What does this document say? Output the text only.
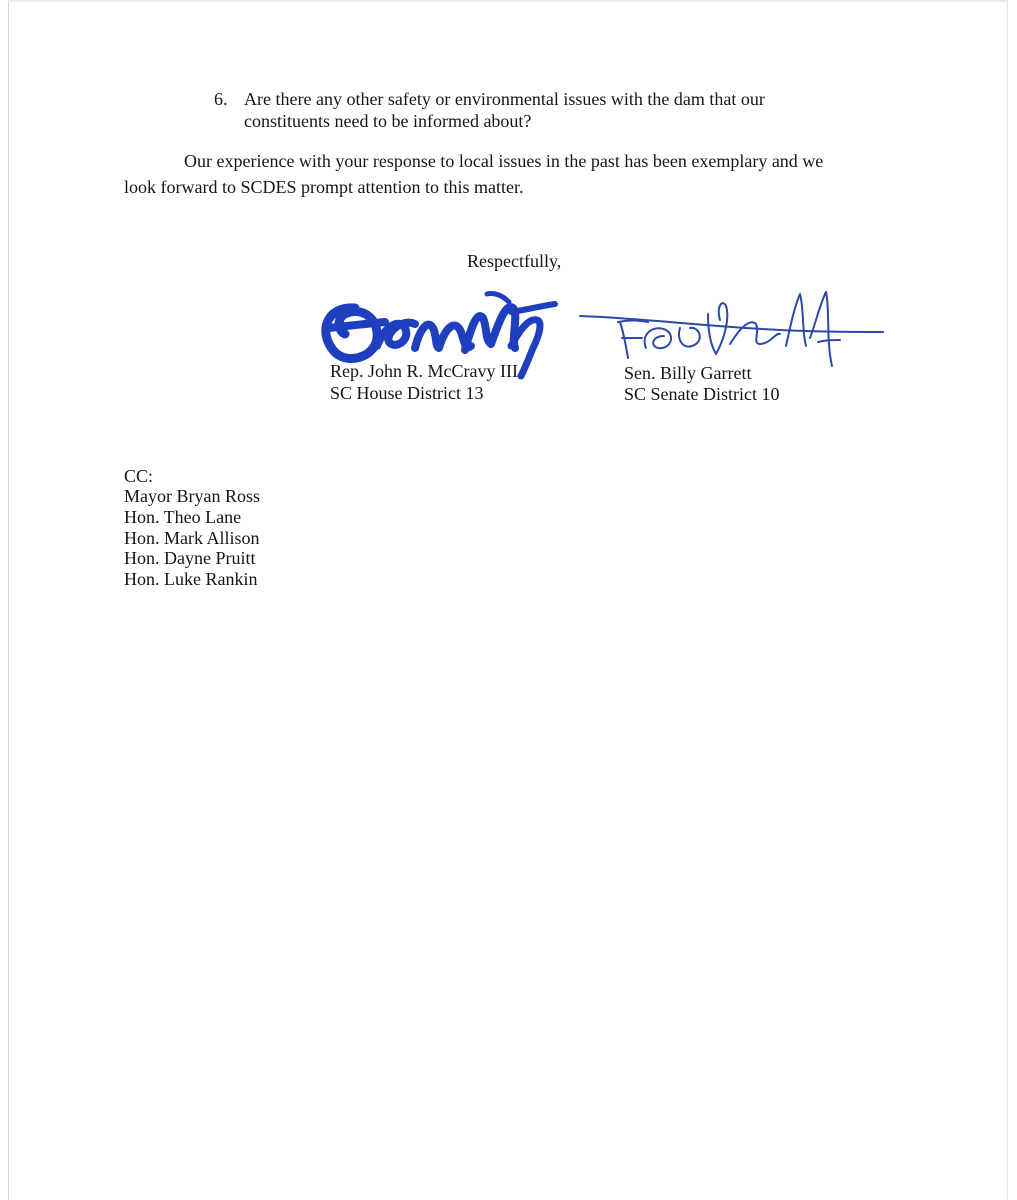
6. Are there any other safety or environmental issues with the dam that our

constituents need to be informed about?

Our experience with your response to local issues in the past has been exemplary and we

look forward to SCDES prompt attention to this matter.

Respectfully,

Rep. John R. McCravy III

SC House District 13

Sen. Billy Garrett

SC Senate District 10

CC:

Mayor Bryan Ross

Hon. Theo Lane

Hon. Mark Allison

Hon. Dayne Pruitt

Hon. Luke Rankin
